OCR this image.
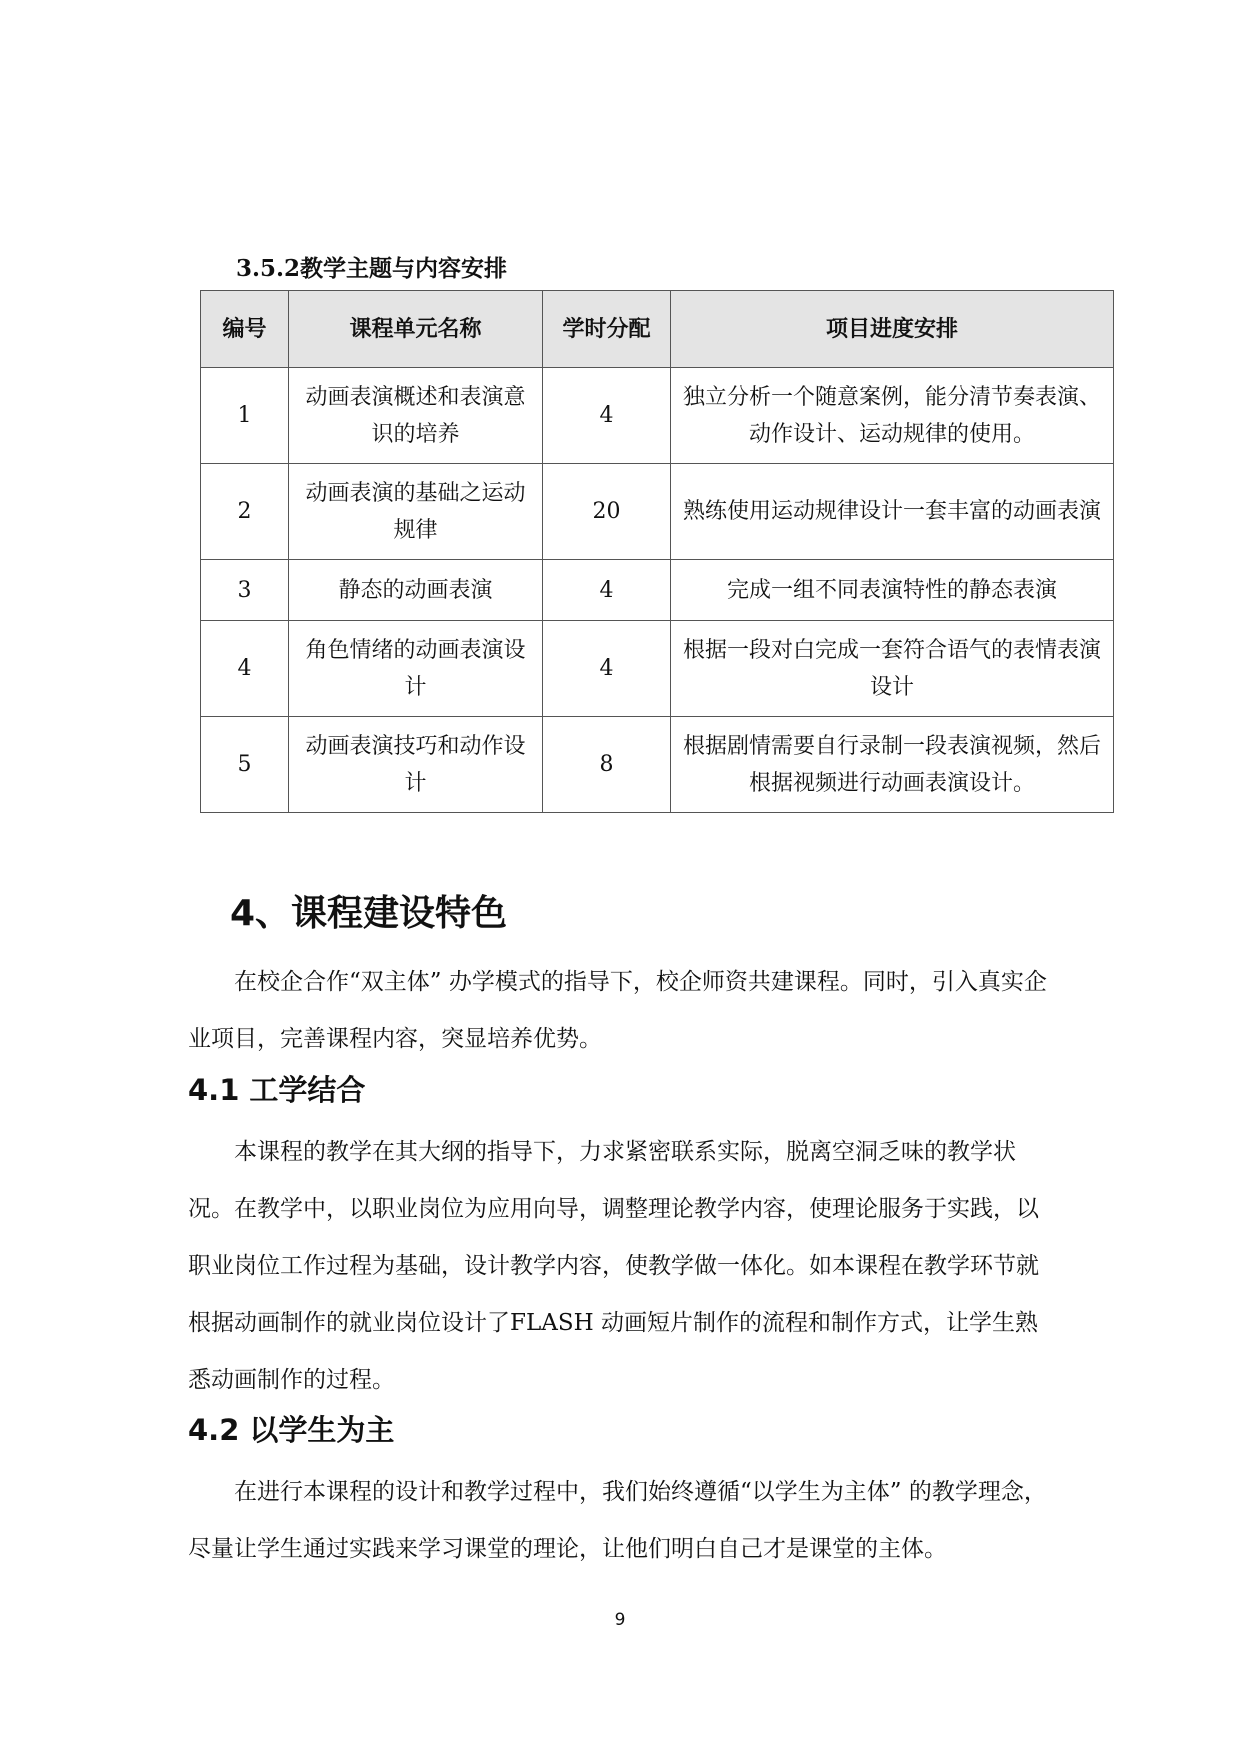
3.5.2教学主题与内容安排
编号	课程单元名称	学时分配	项目进度安排
1	动画表演概述和表演意识的培养	4	独立分析一个随意案例，能分清节奏表演、动作设计、运动规律的使用。
2	动画表演的基础之运动规律	20	熟练使用运动规律设计一套丰富的动画表演
3	静态的动画表演	4	完成一组不同表演特性的静态表演
4	角色情绪的动画表演设计	4	根据一段对白完成一套符合语气的表情表演设计
5	动画表演技巧和动作设计	8	根据剧情需要自行录制一段表演视频，然后根据视频进行动画表演设计。
4、课程建设特色

在校企合作“双主体” 办学模式的指导下，校企师资共建课程。同时，引入真实企业项目，完善课程内容，突显培养优势。

4.1 工学结合

本课程的教学在其大纲的指导下，力求紧密联系实际，脱离空洞乏味的教学状况。在教学中，以职业岗位为应用向导，调整理论教学内容，使理论服务于实践，以职业岗位工作过程为基础，设计教学内容，使教学做一体化。如本课程在教学环节就根据动画制作的就业岗位设计了FLASH 动画短片制作的流程和制作方式，让学生熟悉动画制作的过程。

4.2 以学生为主

在进行本课程的设计和教学过程中，我们始终遵循“以学生为主体” 的教学理念，尽量让学生通过实践来学习课堂的理论，让他们明白自己才是课堂的主体。

9
